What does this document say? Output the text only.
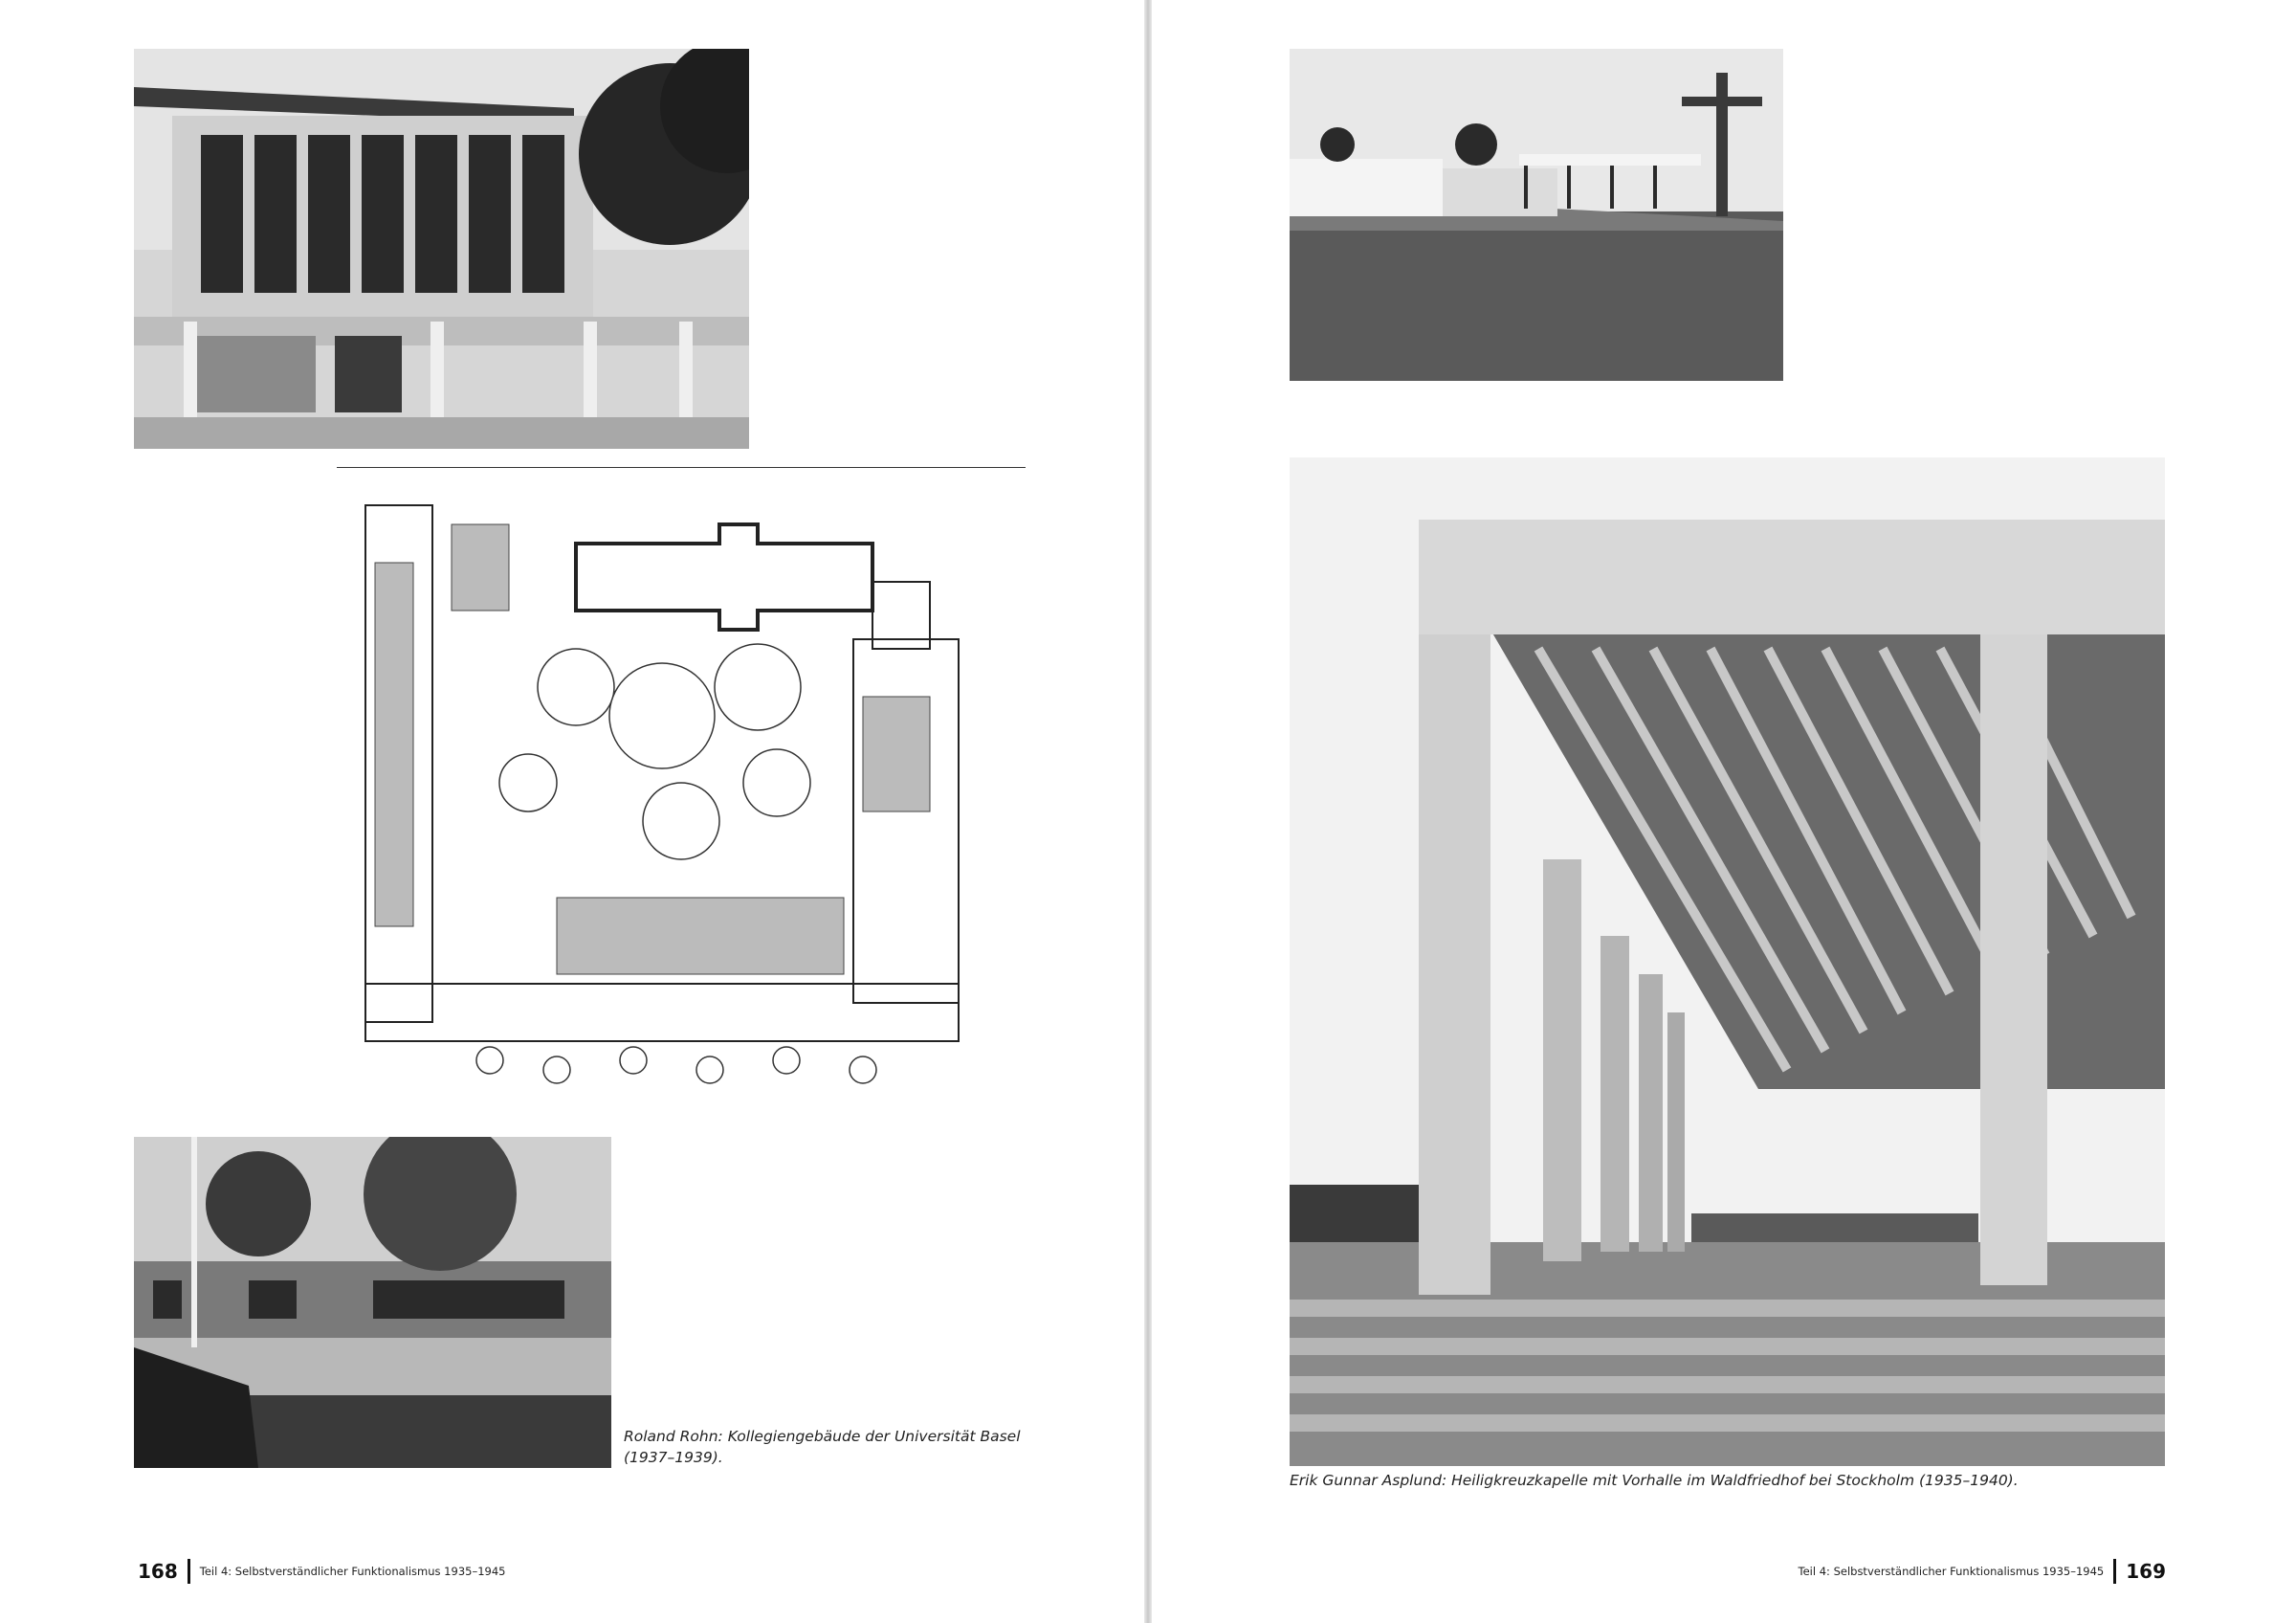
Roland Rohn: Kollegiengebäude der Universität Basel
(1937–1939).
168 Teil 4: Selbstverständlicher Funktionalismus 1935–1945
Erik Gunnar Asplund: Heiligkreuzkapelle mit Vorhalle im Waldfriedhof bei Stockholm (1935–1940).
Teil 4: Selbstverständlicher Funktionalismus 1935–1945 169
